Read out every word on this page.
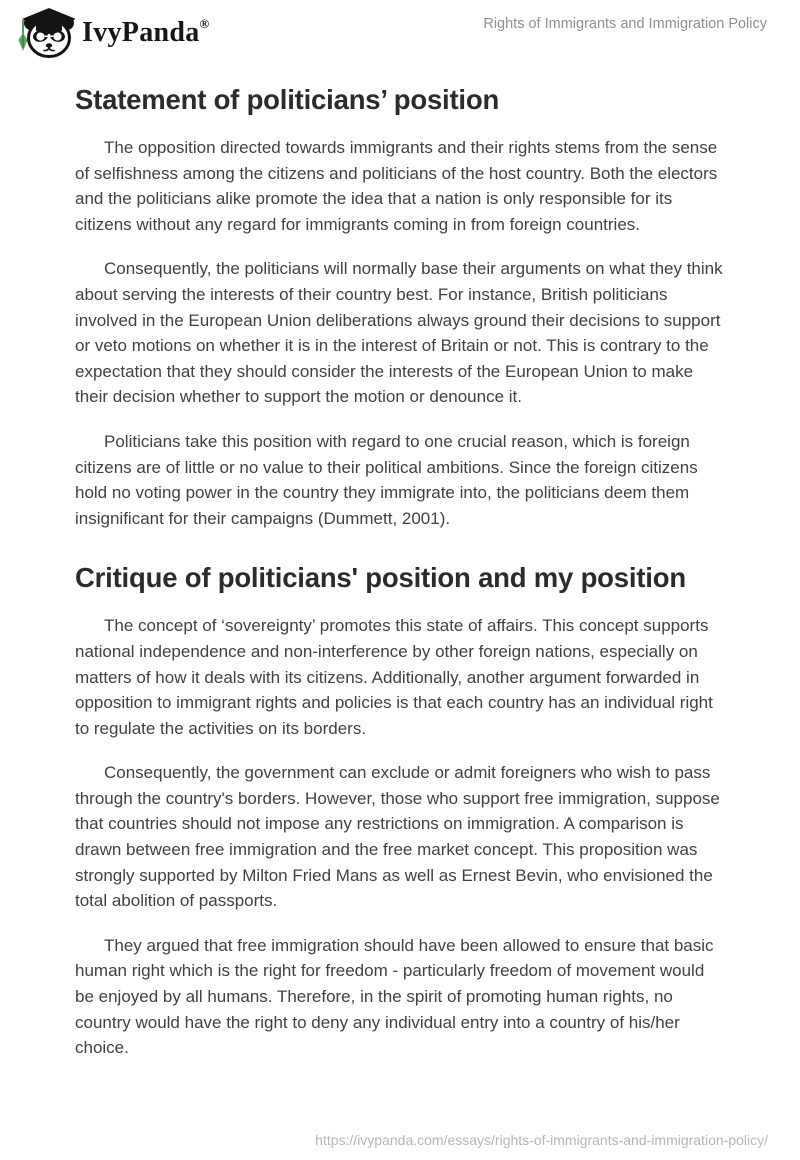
IvyPanda ®	Rights of Immigrants and Immigration Policy
Statement of politicians’ position

The opposition directed towards immigrants and their rights stems from the sense of selfishness among the citizens and politicians of the host country. Both the electors and the politicians alike promote the idea that a nation is only responsible for its citizens without any regard for immigrants coming in from foreign countries.

Consequently, the politicians will normally base their arguments on what they think about serving the interests of their country best. For instance, British politicians involved in the European Union deliberations always ground their decisions to support or veto motions on whether it is in the interest of Britain or not. This is contrary to the expectation that they should consider the interests of the European Union to make their decision whether to support the motion or denounce it.

Politicians take this position with regard to one crucial reason, which is foreign citizens are of little or no value to their political ambitions. Since the foreign citizens hold no voting power in the country they immigrate into, the politicians deem them insignificant for their campaigns (Dummett, 2001).

Critique of politicians' position and my position

The concept of ‘sovereignty’ promotes this state of affairs. This concept supports national independence and non-interference by other foreign nations, especially on matters of how it deals with its citizens. Additionally, another argument forwarded in opposition to immigrant rights and policies is that each country has an individual right to regulate the activities on its borders.

Consequently, the government can exclude or admit foreigners who wish to pass through the country's borders. However, those who support free immigration, suppose that countries should not impose any restrictions on immigration. A comparison is drawn between free immigration and the free market concept. This proposition was strongly supported by Milton Fried Mans as well as Ernest Bevin, who envisioned the total abolition of passports.

They argued that free immigration should have been allowed to ensure that basic human right which is the right for freedom - particularly freedom of movement would be enjoyed by all humans. Therefore, in the spirit of promoting human rights, no country would have the right to deny any individual entry into a country of his/her choice.

https://ivypanda.com/essays/rights-of-immigrants-and-immigration-policy/
